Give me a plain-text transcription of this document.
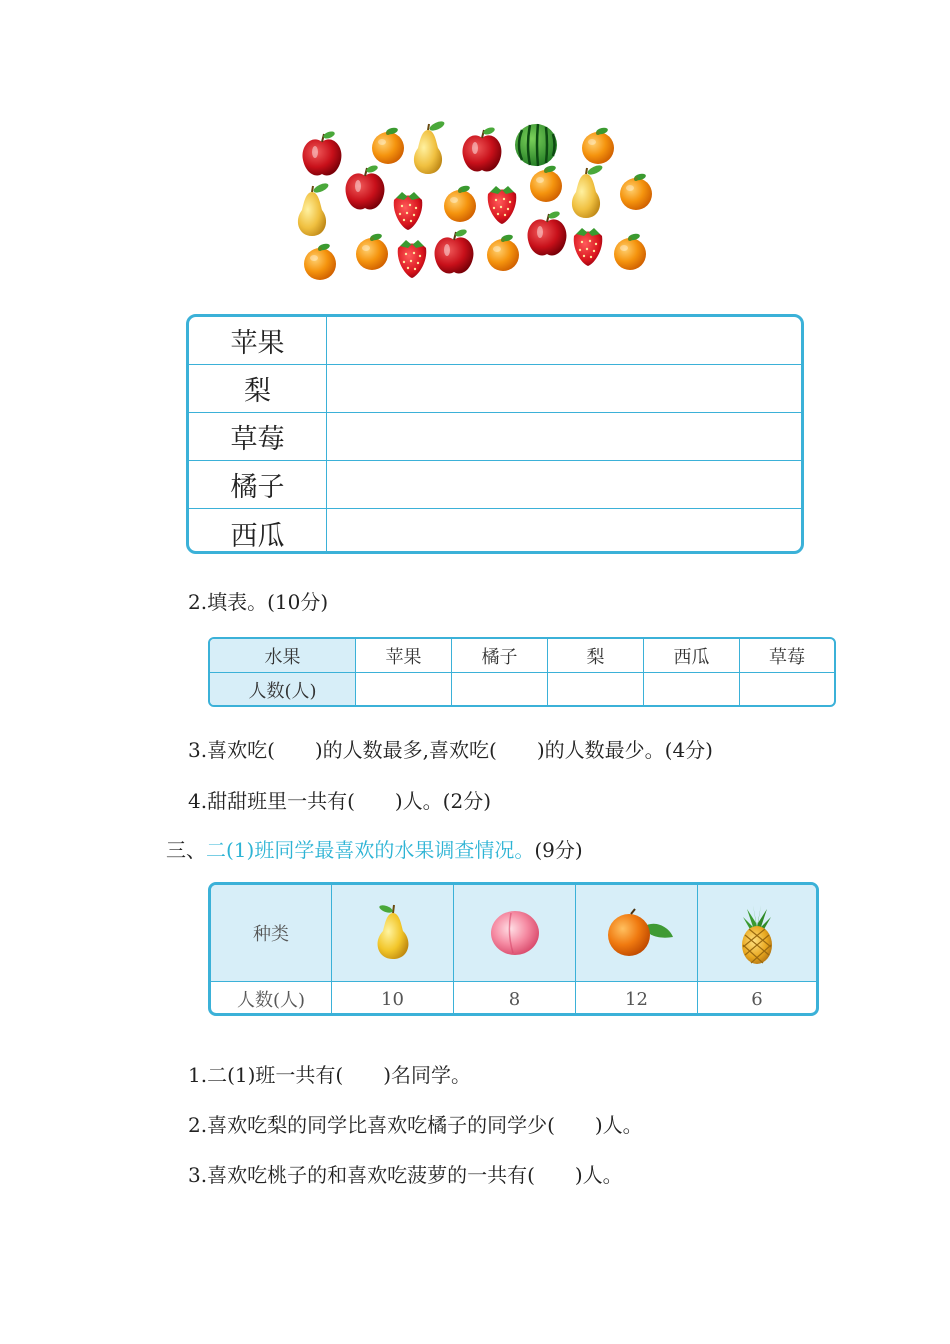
苹果
梨
草莓
橘子
西瓜
2.填表。(10分)
水果	苹果	橘子	梨	西瓜	草莓
人数(人)
3.喜欢吃(　　)的人数最多,喜欢吃(　　)的人数最少。(4分)
4.甜甜班里一共有(　　)人。(2分)
三、二(1)班同学最喜欢的水果调查情况。(9分)
种类
人数(人)	10	8	12	6
1.二(1)班一共有(　　)名同学。
2.喜欢吃梨的同学比喜欢吃橘子的同学少(　　)人。
3.喜欢吃桃子的和喜欢吃菠萝的一共有(　　)人。
